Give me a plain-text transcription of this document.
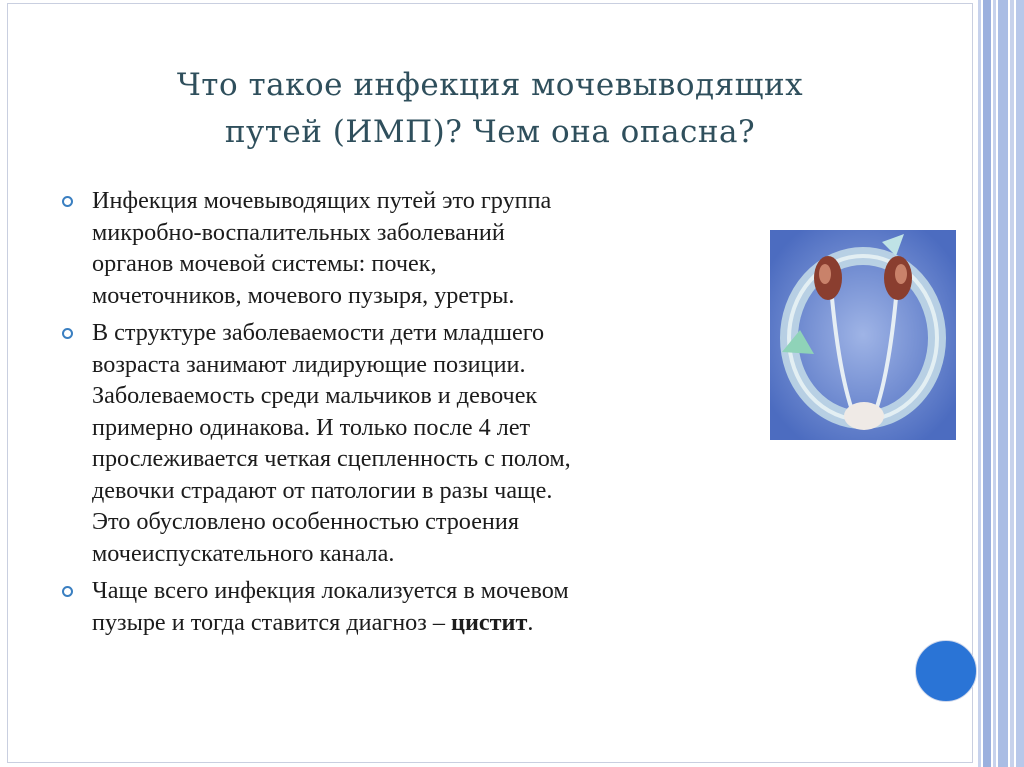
Что такое инфекция мочевыводящих
путей (ИМП)? Чем она опасна?
Инфекция мочевыводящих путей это группа
микробно-воспалительных заболеваний
органов мочевой системы: почек,
мочеточников, мочевого пузыря, уретры.
В структуре заболеваемости дети младшего
возраста занимают лидирующие позиции.
Заболеваемость среди мальчиков и девочек
примерно одинакова. И только после 4 лет
прослеживается четкая сцепленность с полом,
девочки страдают от патологии в разы чаще.
Это обусловлено особенностью строения
мочеиспускательного канала.
Чаще всего инфекция локализуется в мочевом
пузыре и тогда ставится диагноз – цистит.
